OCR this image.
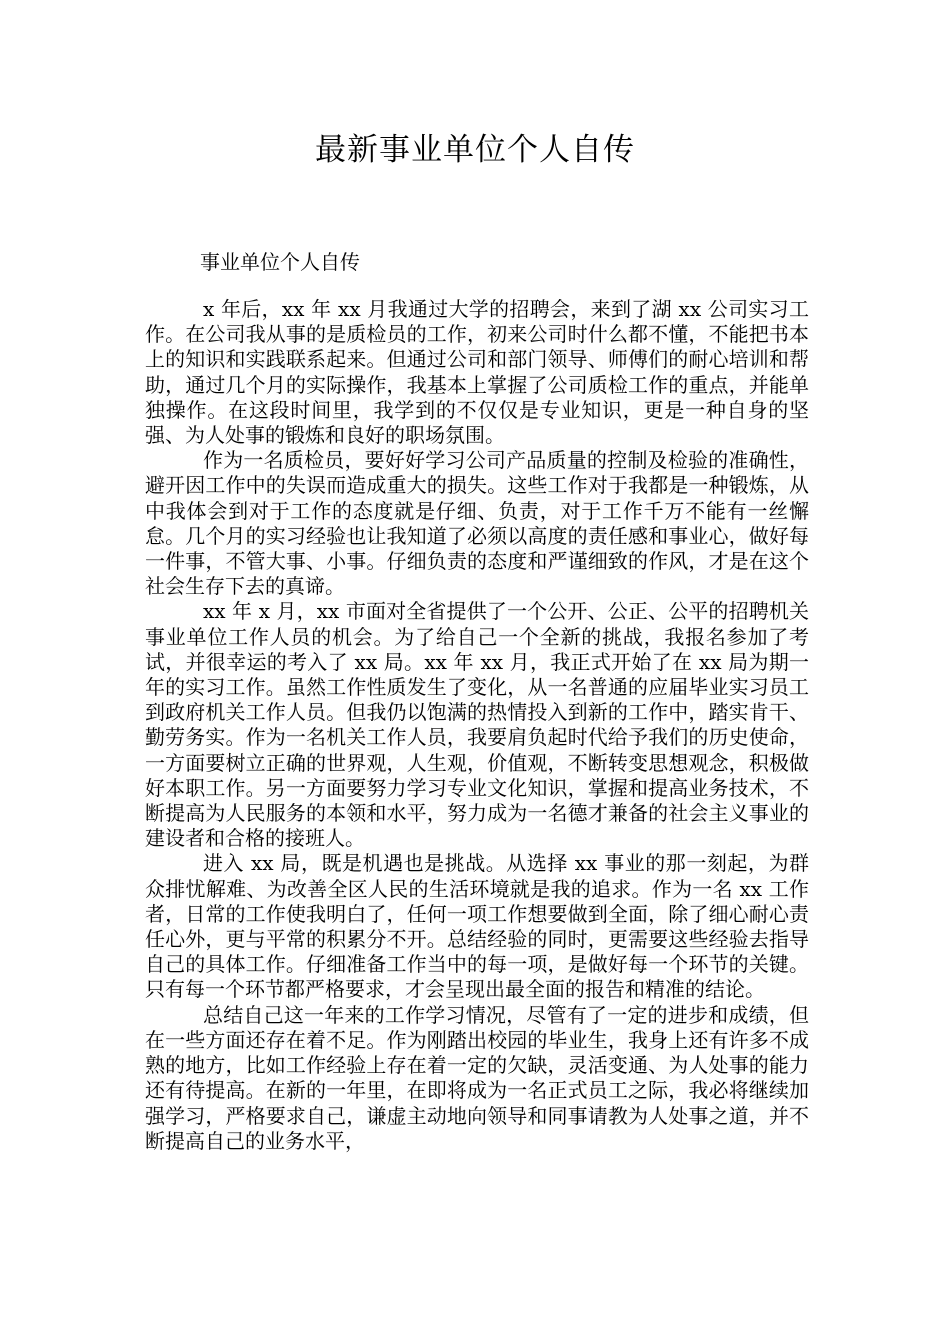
最新事业单位个人自传
事业单位个人自传

x 年后，xx 年 xx 月我通过大学的招聘会，来到了湖 xx 公司实习工作。在公司我从事的是质检员的工作，初来公司时什么都不懂，不能把书本上的知识和实践联系起来。但通过公司和部门领导、师傅们的耐心培训和帮助，通过几个月的实际操作，我基本上掌握了公司质检工作的重点，并能单独操作。在这段时间里，我学到的不仅仅是专业知识，更是一种自身的坚强、为人处事的锻炼和良好的职场氛围。

作为一名质检员，要好好学习公司产品质量的控制及检验的准确性，避开因工作中的失误而造成重大的损失。这些工作对于我都是一种锻炼，从中我体会到对于工作的态度就是仔细、负责，对于工作千万不能有一丝懈怠。几个月的实习经验也让我知道了必须以高度的责任感和事业心，做好每一件事，不管大事、小事。仔细负责的态度和严谨细致的作风，才是在这个社会生存下去的真谛。

xx 年 x 月，xx 市面对全省提供了一个公开、公正、公平的招聘机关事业单位工作人员的机会。为了给自己一个全新的挑战，我报名参加了考试，并很幸运的考入了 xx 局。xx 年 xx 月，我正式开始了在 xx 局为期一年的实习工作。虽然工作性质发生了变化，从一名普通的应届毕业实习员工到政府机关工作人员。但我仍以饱满的热情投入到新的工作中，踏实肯干、勤劳务实。作为一名机关工作人员，我要肩负起时代给予我们的历史使命，一方面要树立正确的世界观，人生观，价值观，不断转变思想观念，积极做好本职工作。另一方面要努力学习专业文化知识，掌握和提高业务技术，不断提高为人民服务的本领和水平，努力成为一名德才兼备的社会主义事业的建设者和合格的接班人。

进入 xx 局，既是机遇也是挑战。从选择 xx 事业的那一刻起，为群众排忧解难、为改善全区人民的生活环境就是我的追求。作为一名 xx 工作者，日常的工作使我明白了，任何一项工作想要做到全面，除了细心耐心责任心外，更与平常的积累分不开。总结经验的同时，更需要这些经验去指导自己的具体工作。仔细准备工作当中的每一项，是做好每一个环节的关键。只有每一个环节都严格要求，才会呈现出最全面的报告和精准的结论。

总结自己这一年来的工作学习情况，尽管有了一定的进步和成绩，但在一些方面还存在着不足。作为刚踏出校园的毕业生，我身上还有许多不成熟的地方，比如工作经验上存在着一定的欠缺，灵活变通、为人处事的能力还有待提高。在新的一年里，在即将成为一名正式员工之际，我必将继续加强学习，严格要求自己，谦虚主动地向领导和同事请教为人处事之道，并不断提高自己的业务水平，
